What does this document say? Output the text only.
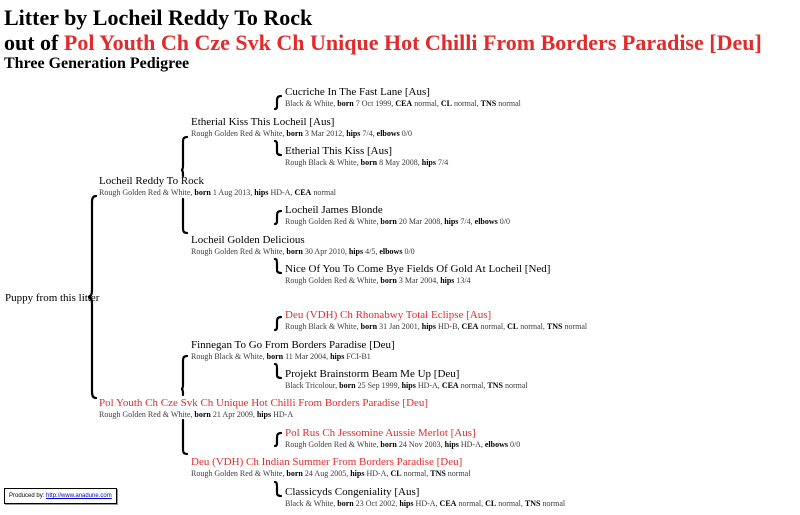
Litter by Locheil Reddy To Rock
out of Pol Youth Ch Cze Svk Ch Unique Hot Chilli From Borders Paradise [Deu]
Three Generation Pedigree
Puppy from this litter
Locheil Reddy To Rock
Rough Golden Red & White, born 1 Aug 2013, hips HD-A, CEA normal
Pol Youth Ch Cze Svk Ch Unique Hot Chilli From Borders Paradise [Deu]
Rough Golden Red & White, born 21 Apr 2009, hips HD-A
Etherial Kiss This Locheil [Aus]
Rough Golden Red & White, born 3 Mar 2012, hips 7/4, elbows 0/0
Locheil Golden Delicious
Rough Golden Red & White, born 30 Apr 2010, hips 4/5, elbows 0/0
Finnegan To Go From Borders Paradise [Deu]
Rough Black & White, born 11 Mar 2004, hips FCI-B1
Deu (VDH) Ch Indian Summer From Borders Paradise [Deu]
Rough Golden Red & White, born 24 Aug 2005, hips HD-A, CL normal, TNS normal
Cucriche In The Fast Lane [Aus]
Black & White, born 7 Oct 1999, CEA normal, CL normal, TNS normal
Etherial This Kiss [Aus]
Rough Black & White, born 8 May 2008, hips 7/4
Locheil James Blonde
Rough Golden Red & White, born 20 Mar 2008, hips 7/4, elbows 0/0
Nice Of You To Come Bye Fields Of Gold At Locheil [Ned]
Rough Golden Red & White, born 3 Mar 2004, hips 13/4
Deu (VDH) Ch Rhonabwy Total Eclipse [Aus]
Rough Black & White, born 31 Jan 2001, hips HD-B, CEA normal, CL normal, TNS normal
Projekt Brainstorm Beam Me Up [Deu]
Black Tricolour, born 25 Sep 1999, hips HD-A, CEA normal, TNS normal
Pol Rus Ch Jessomine Aussie Merlot [Aus]
Rough Golden Red & White, born 24 Nov 2003, hips HD-A, elbows 0/0
Classicyds Congeniality [Aus]
Black & White, born 23 Oct 2002, hips HD-A, CEA normal, CL normal, TNS normal
Produced by: http://www.anadune.com
